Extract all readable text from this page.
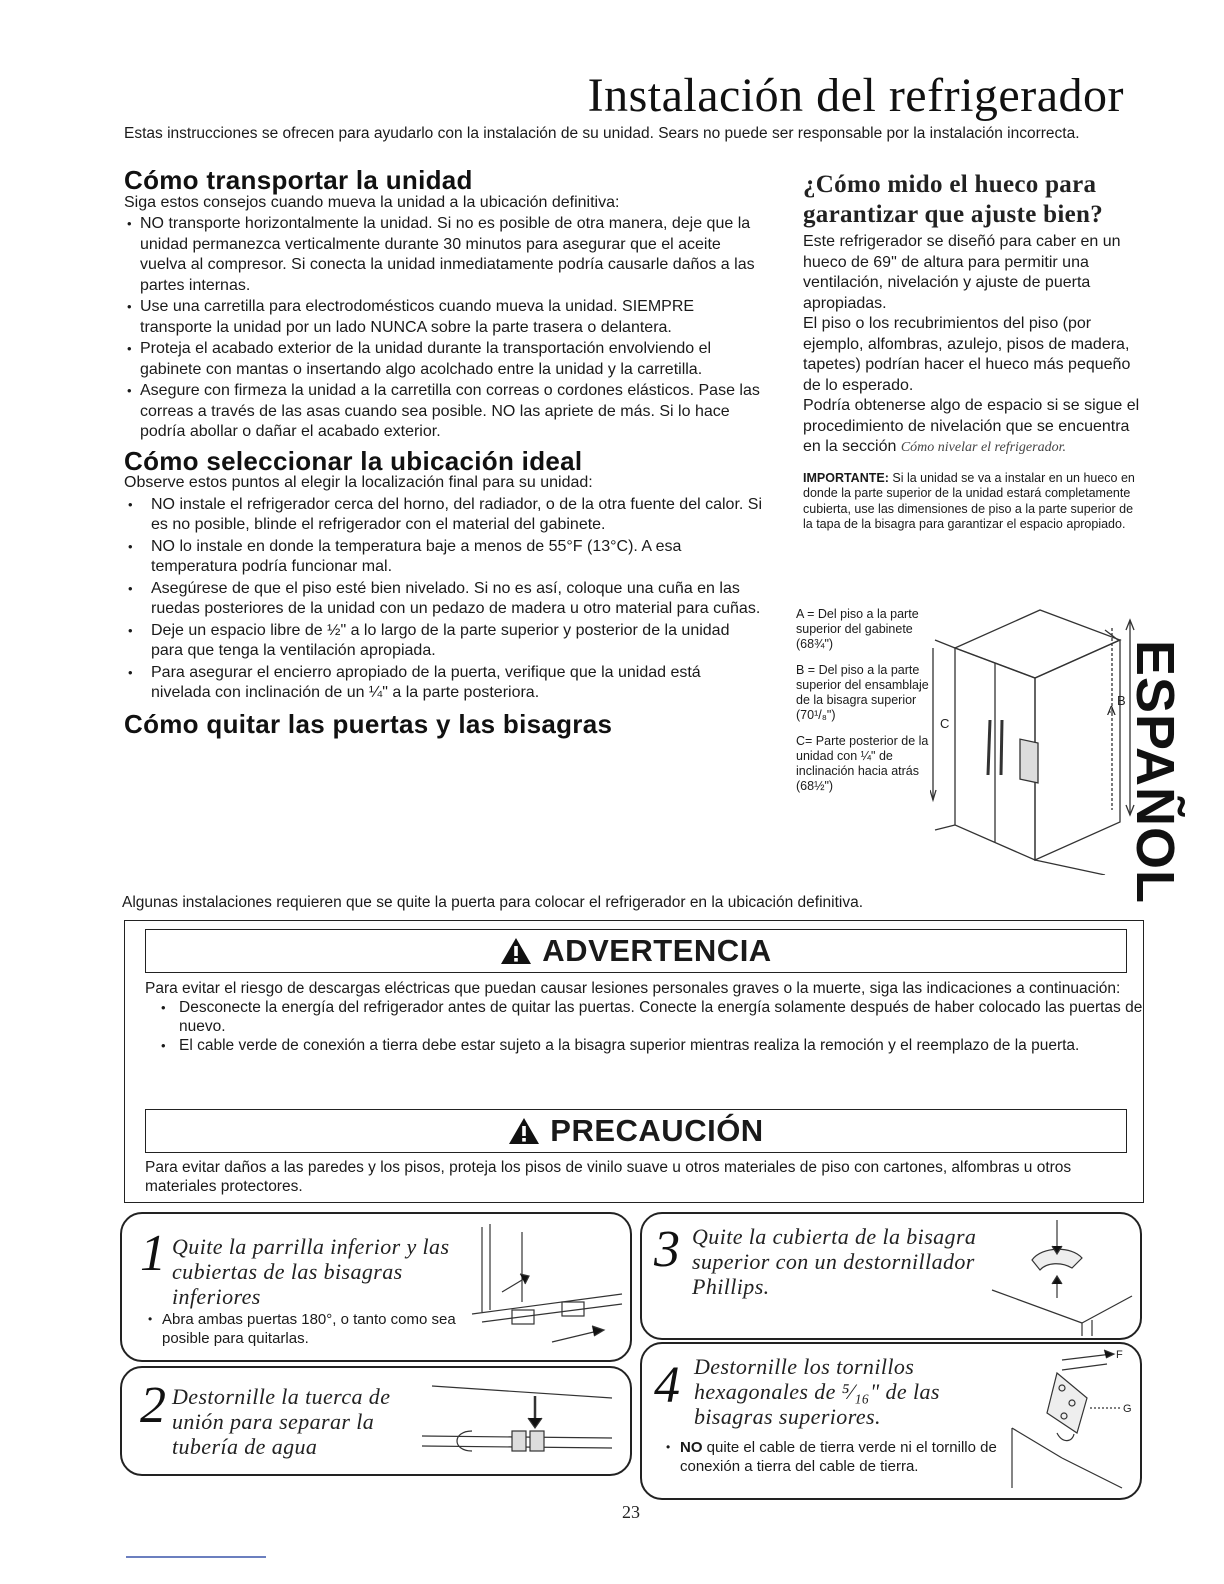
Instalación del refrigerador
Estas instrucciones se ofrecen para ayudarlo con la instalación de su unidad. Sears no puede ser responsable por la instalación incorrecta.
Cómo transportar la unidad

Siga estos consejos cuando mueva la unidad a la ubicación definitiva:

• NO transporte horizontalmente la unidad. Si no es posible de otra manera, deje que la unidad permanezca verticalmente durante 30 minutos para asegurar que el aceite vuelva al compresor. Si conecta la unidad inmediatamente podría causarle daños a las partes internas.
• Use una carretilla para electrodomésticos cuando mueva la unidad. SIEMPRE transporte la unidad por un lado NUNCA sobre la parte trasera o delantera.
• Proteja el acabado exterior de la unidad durante la transportación envolviendo el gabinete con mantas o insertando algo acolchado entre la unidad y la carretilla.
• Asegure con firmeza la unidad a la carretilla con correas o cordones elásticos. Pase las correas a través de las asas cuando sea posible. NO las apriete de más. Si lo hace podría abollar o dañar el acabado exterior.
Cómo seleccionar la ubicación ideal

Observe estos puntos al elegir la localización final para su unidad:

• NO instale el refrigerador cerca del horno, del radiador, o de la otra fuente del calor. Si es no posible, blinde el refrigerador con el material del gabinete.
• NO lo instale en donde la temperatura baje a menos de 55°F (13°C). A esa temperatura podría funcionar mal.
• Asegúrese de que el piso esté bien nivelado. Si no es así, coloque una cuña en las ruedas posteriores de la unidad con un pedazo de madera u otro material para cuñas.
• Deje un espacio libre de ½" a lo largo de la parte superior y posterior de la unidad para que tenga la ventilación apropiada.
• Para asegurar el encierro apropiado de la puerta, verifique que la unidad está nivelada con inclinación de un ¼" a la parte posteriora.
Cómo quitar las puertas y las bisagras
¿Cómo mido el hueco para garantizar que ajuste bien?

Este refrigerador se diseñó para caber en un hueco de 69" de altura para permitir una ventilación, nivelación y ajuste de puerta apropiadas.

El piso o los recubrimientos del piso (por ejemplo, alfombras, azulejo, pisos de madera, tapetes) podrían hacer el hueco más pequeño de lo esperado.

Podría obtenerse algo de espacio si se sigue el procedimiento de nivelación que se encuentra en la sección Cómo nivelar el refrigerador.

IMPORTANTE: Si la unidad se va a instalar en un hueco en donde la parte superior de la unidad estará completamente cubierta, use las dimensiones de piso a la parte superior de la tapa de la bisagra para garantizar el espacio apropiado.

A = Del piso a la parte superior del gabinete (68¾")
B = Del piso a la parte superior del ensamblaje de la bisagra superior (70¹/₈")
C= Parte posterior de la unidad con ¼" de inclinación hacia atrás (68½")
A
B
C	ESPAÑOL
Algunas instalaciones requieren que se quite la puerta para colocar el refrigerador en la ubicación definitiva.
ADVERTENCIA

Para evitar el riesgo de descargas eléctricas que puedan causar lesiones personales graves o la muerte, siga las indicaciones a continuación:

• Desconecte la energía del refrigerador antes de quitar las puertas. Conecte la energía solamente después de haber colocado las puertas de nuevo.
• El cable verde de conexión a tierra debe estar sujeto a la bisagra superior mientras realiza la remoción y el reemplazo de la puerta.
PRECAUCIÓN
Para evitar daños a las paredes y los pisos, proteja los pisos de vinilo suave u otros materiales de piso con cartones, alfombras u otros materiales protectores.
1 Quite la parrilla inferior y las cubiertas de las bisagras inferiores
• Abra ambas puertas 180°, o tanto como sea posible para quitarlas.
2 Destornille la tuerca de unión para separar la tubería de agua
3 Quite la cubierta de la bisagra superior con un destornillador Phillips.
4 Destornille los tornillos hexagonales de ⁵⁄₁₆" de las bisagras superiores.
• NO quite el cable de tierra verde ni el tornillo de conexión a tierra del cable de tierra.
F
G
23
